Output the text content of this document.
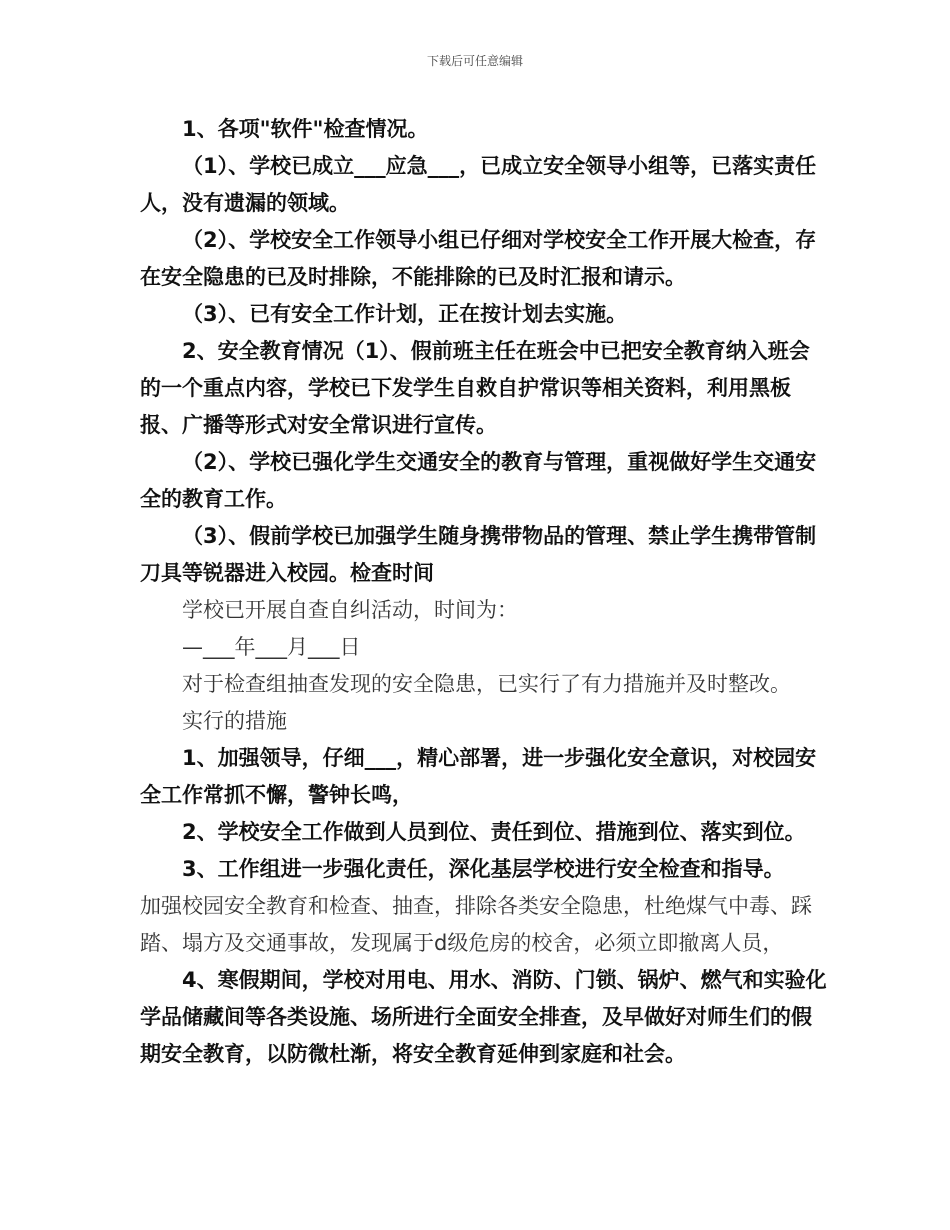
下载后可任意编辑

1、各项"软件"检查情况。

（1）、学校已成立___应急___，已成立安全领导小组等，已落实责任人，没有遗漏的领域。

（2）、学校安全工作领导小组已仔细对学校安全工作开展大检查，存在安全隐患的已及时排除，不能排除的已及时汇报和请示。

（3）、已有安全工作计划，正在按计划去实施。

2、安全教育情况（1）、假前班主任在班会中已把安全教育纳入班会的一个重点内容，学校已下发学生自救自护常识等相关资料，利用黑板报、广播等形式对安全常识进行宣传。

（2）、学校已强化学生交通安全的教育与管理，重视做好学生交通安全的教育工作。

（3）、假前学校已加强学生随身携带物品的管理、禁止学生携带管制刀具等锐器进入校园。检查时间

学校已开展自查自纠活动，时间为：

—___年___月___日

对于检查组抽查发现的安全隐患，已实行了有力措施并及时整改。

实行的措施

1、加强领导，仔细___，精心部署，进一步强化安全意识，对校园安全工作常抓不懈，警钟长鸣，

2、学校安全工作做到人员到位、责任到位、措施到位、落实到位。

3、工作组进一步强化责任，深化基层学校进行安全检查和指导。

加强校园安全教育和检查、抽查，排除各类安全隐患，杜绝煤气中毒、踩踏、塌方及交通事故，发现属于d级危房的校舍，必须立即撤离人员，

4、寒假期间，学校对用电、用水、消防、门锁、锅炉、燃气和实验化学品储藏间等各类设施、场所进行全面安全排查，及早做好对师生们的假期安全教育，以防微杜渐，将安全教育延伸到家庭和社会。
